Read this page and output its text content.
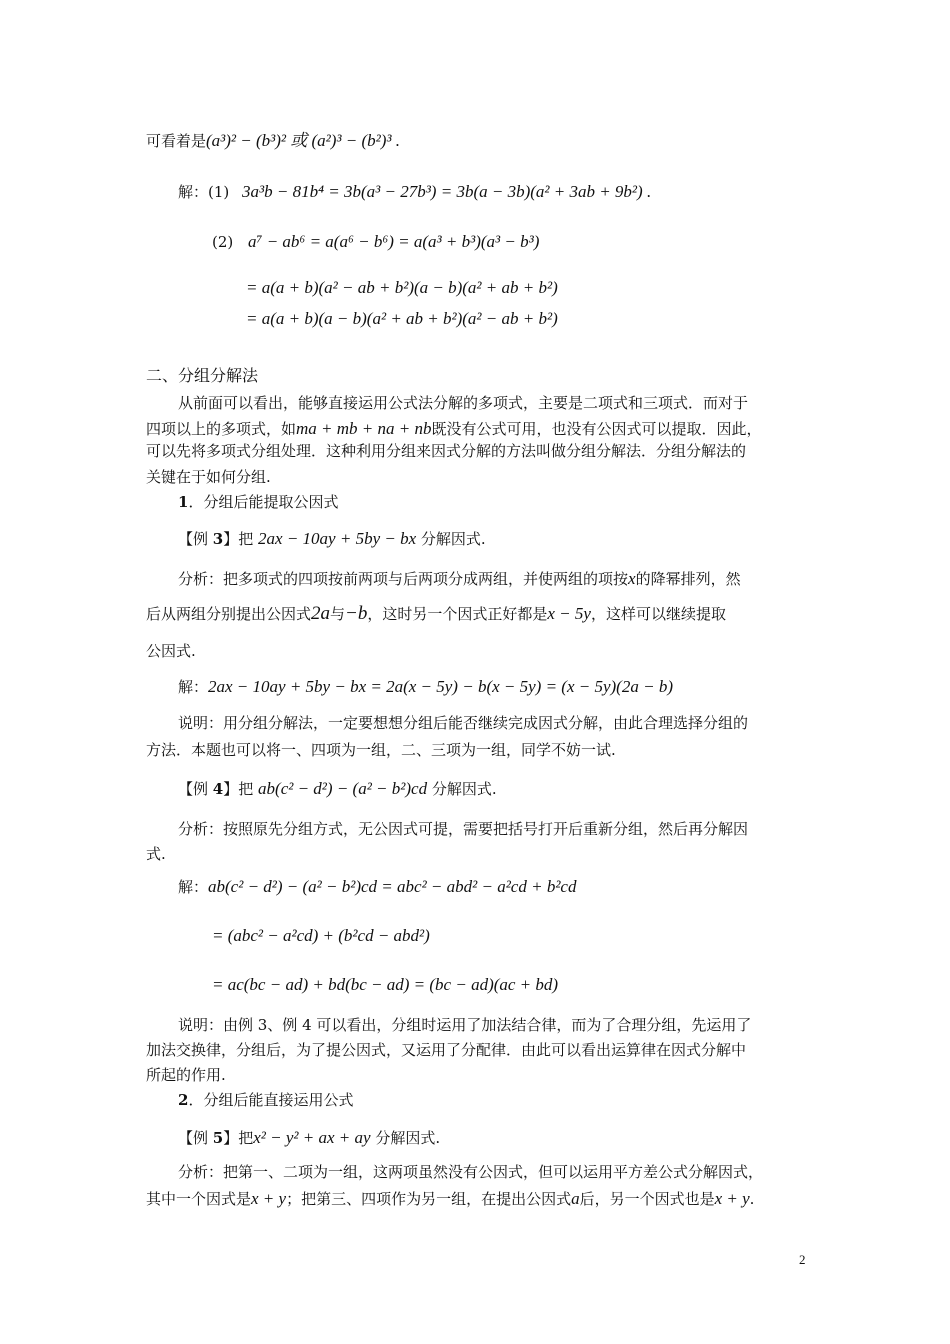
可看着是(a³)² − (b³)² 或 (a²)³ − (b²)³ .
解：(1) 3a³b − 81b⁴ = 3b(a³ − 27b³) = 3b(a − 3b)(a² + 3ab + 9b²) .
(2) a⁷ − ab⁶ = a(a⁶ − b⁶) = a(a³ + b³)(a³ − b³)
= a(a + b)(a² − ab + b²)(a − b)(a² + ab + b²)
= a(a + b)(a − b)(a² + ab + b²)(a² − ab + b²)
二、分组分解法
从前面可以看出，能够直接运用公式法分解的多项式，主要是二项式和三项式．而对于
四项以上的多项式，如ma + mb + na + nb既没有公式可用，也没有公因式可以提取．因此，
可以先将多项式分组处理．这种利用分组来因式分解的方法叫做分组分解法．分组分解法的
关键在于如何分组.
1．分组后能提取公因式
【例 3】把 2ax − 10ay + 5by − bx 分解因式.
分析：把多项式的四项按前两项与后两项分成两组，并使两组的项按x的降幂排列，然
后从两组分别提出公因式2a与−b，这时另一个因式正好都是x − 5y，这样可以继续提取
公因式.
解：2ax − 10ay + 5by − bx = 2a(x − 5y) − b(x − 5y) = (x − 5y)(2a − b)
说明：用分组分解法，一定要想想分组后能否继续完成因式分解，由此合理选择分组的
方法．本题也可以将一、四项为一组，二、三项为一组，同学不妨一试.
【例 4】把 ab(c² − d²) − (a² − b²)cd 分解因式.
分析：按照原先分组方式，无公因式可提，需要把括号打开后重新分组，然后再分解因
式.
解：ab(c² − d²) − (a² − b²)cd = abc² − abd² − a²cd + b²cd
= (abc² − a²cd) + (b²cd − abd²)
= ac(bc − ad) + bd(bc − ad) = (bc − ad)(ac + bd)
说明：由例 3、例 4 可以看出，分组时运用了加法结合律，而为了合理分组，先运用了
加法交换律，分组后，为了提公因式，又运用了分配律．由此可以看出运算律在因式分解中
所起的作用.
2．分组后能直接运用公式
【例 5】把x² − y² + ax + ay 分解因式.
分析：把第一、二项为一组，这两项虽然没有公因式，但可以运用平方差公式分解因式，
其中一个因式是x + y；把第三、四项作为另一组，在提出公因式a后，另一个因式也是x + y.
2
